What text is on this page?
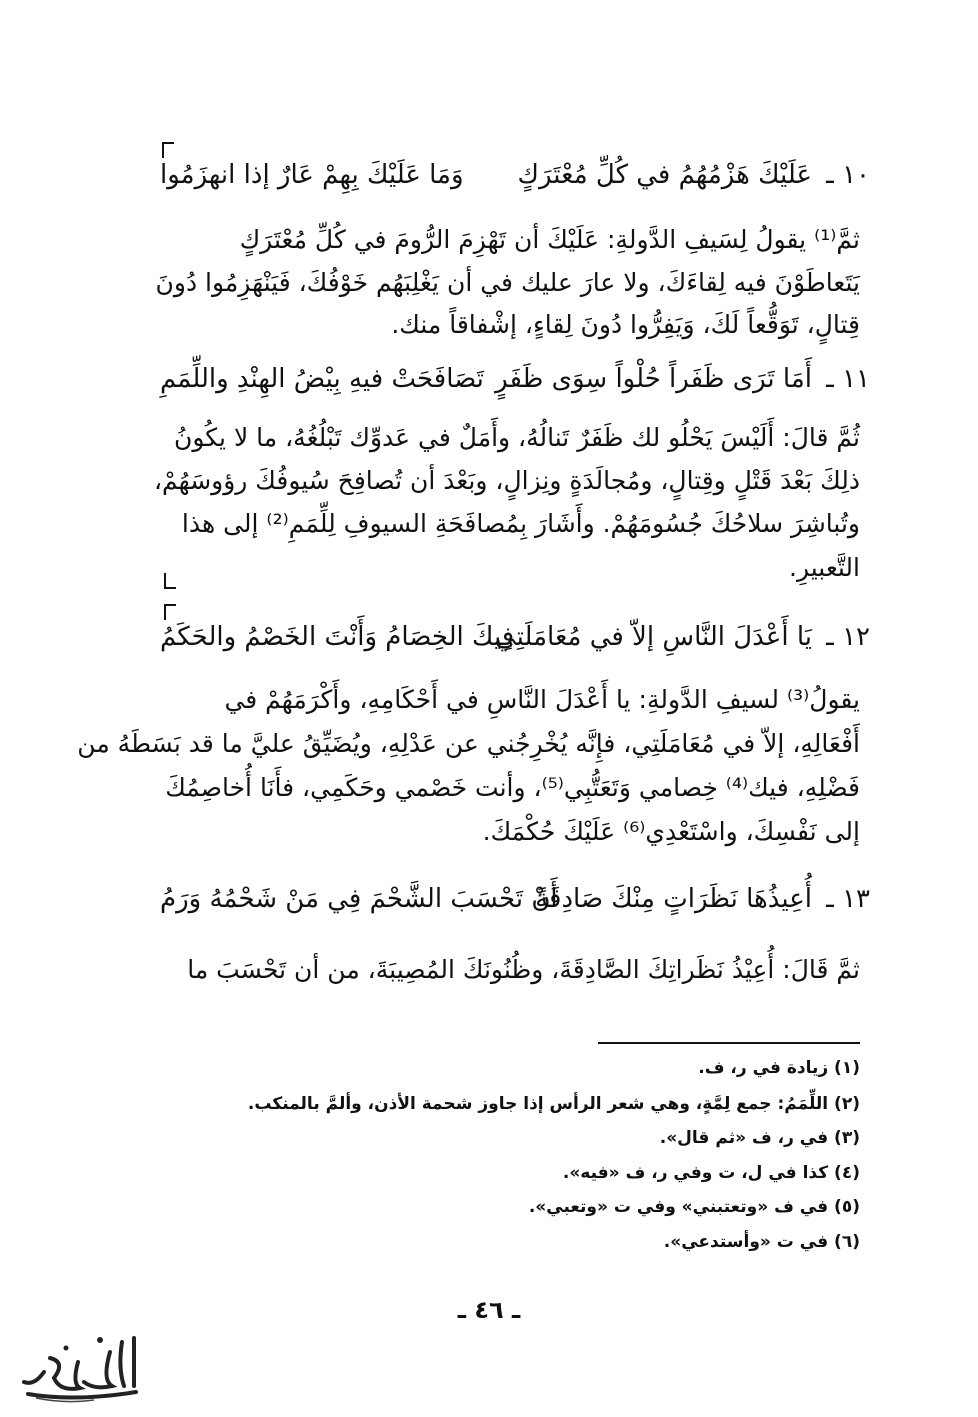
١٠ ـ
عَلَيْكَ هَزْمُهُمُ في كُلِّ مُعْتَرَكٍ
وَمَا عَلَيْكَ بِهِمْ عَارٌ إذا انهزَمُوا
ثمَّ⁽¹⁾ يقولُ لِسَيفِ الدَّولةِ: عَلَيْكَ أن تَهْزِمَ الرُّومَ في كُلِّ مُعْتَرَكٍ
يَتَعاطَوْنَ فيه لِقاءَكَ، ولا عارَ عليك في أن يَغْلِبَهُم خَوْفُكَ، فَيَنْهَزِمُوا دُونَ
قِتالٍ، تَوَقُّعاً لَكَ، وَيَفِرُّوا دُونَ لِقاءٍ، إشْفاقاً منك.
١١ ـ
أَمَا تَرَى ظَفَراً حُلْواً سِوَى ظَفَرٍ
تَصَافَحَتْ فيهِ بِيْضُ الهِنْدِ واللِّمَمِ
ثُمَّ قالَ: أَلَيْسَ يَحْلُو لك ظَفَرٌ تَنالُهُ، وأَمَلٌ في عَدوِّك تَبْلُغُهُ، ما لا يكُونُ
ذلِكَ بَعْدَ قَتْلٍ وقِتالٍ، ومُجالَدَةٍ ونِزالٍ، وبَعْدَ أن تُصافِحَ سُيوفُكَ رؤوسَهُمْ،
وتُباشِرَ سلاحُكَ جُسُومَهُمْ. وأَشَارَ بِمُصافَحَةِ السيوفِ لِلِّمَمِ⁽²⁾ إلى هذا
التَّعبيرِ.
١٢ ـ
يَا أَعْدَلَ النَّاسِ إلاّ في مُعَامَلَتِي
فِيكَ الخِصَامُ وَأَنْتَ الخَصْمُ والحَكَمُ
يقولُ⁽³⁾ لسيفِ الدَّولةِ: يا أَعْدَلَ النَّاسِ في أَحْكَامِهِ، وأَكْرَمَهُمْ في
أَفْعَالِهِ، إلاّ في مُعَامَلَتِي، فإِنَّه يُخْرِجُني عن عَدْلِهِ، ويُضَيِّقُ عليَّ ما قد بَسَطَهُ من
فَضْلِهِ، فيك⁽⁴⁾ خِصامي وَتَعَتُّبِي⁽⁵⁾، وأنت خَصْمي وحَكَمِي، فأَنَا أُخاصِمُكَ
إلى نَفْسِكَ، واسْتَعْدِي⁽⁶⁾ عَلَيْكَ حُكْمَكَ.
١٣ ـ
أُعِيذُهَا نَظَرَاتٍ مِنْكَ صَادِقَةً
أَنْ تَحْسَبَ الشَّحْمَ فِي مَنْ شَحْمُهُ وَرَمُ
ثمَّ قَالَ: أُعِيْذُ نَظَراتِكَ الصَّادِقَةَ، وظُنُونَكَ المُصِيبَةَ، من أن تَحْسَبَ ما
(١) زيادة في ر، ف.
(٢) اللِّمَمُ: جمع لِمَّةٍ، وهي شعر الرأس إذا جاوز شحمة الأذن، وألمَّ بالمنكب.
(٣) في ر، ف «ثم قال».
(٤) كذا في ل، ت وفي ر، ف «فيه».
(٥) في ف «وتعتبني» وفي ت «وتعبي».
(٦) في ت «وأستدعي».
ـ ٤٦ ـ
